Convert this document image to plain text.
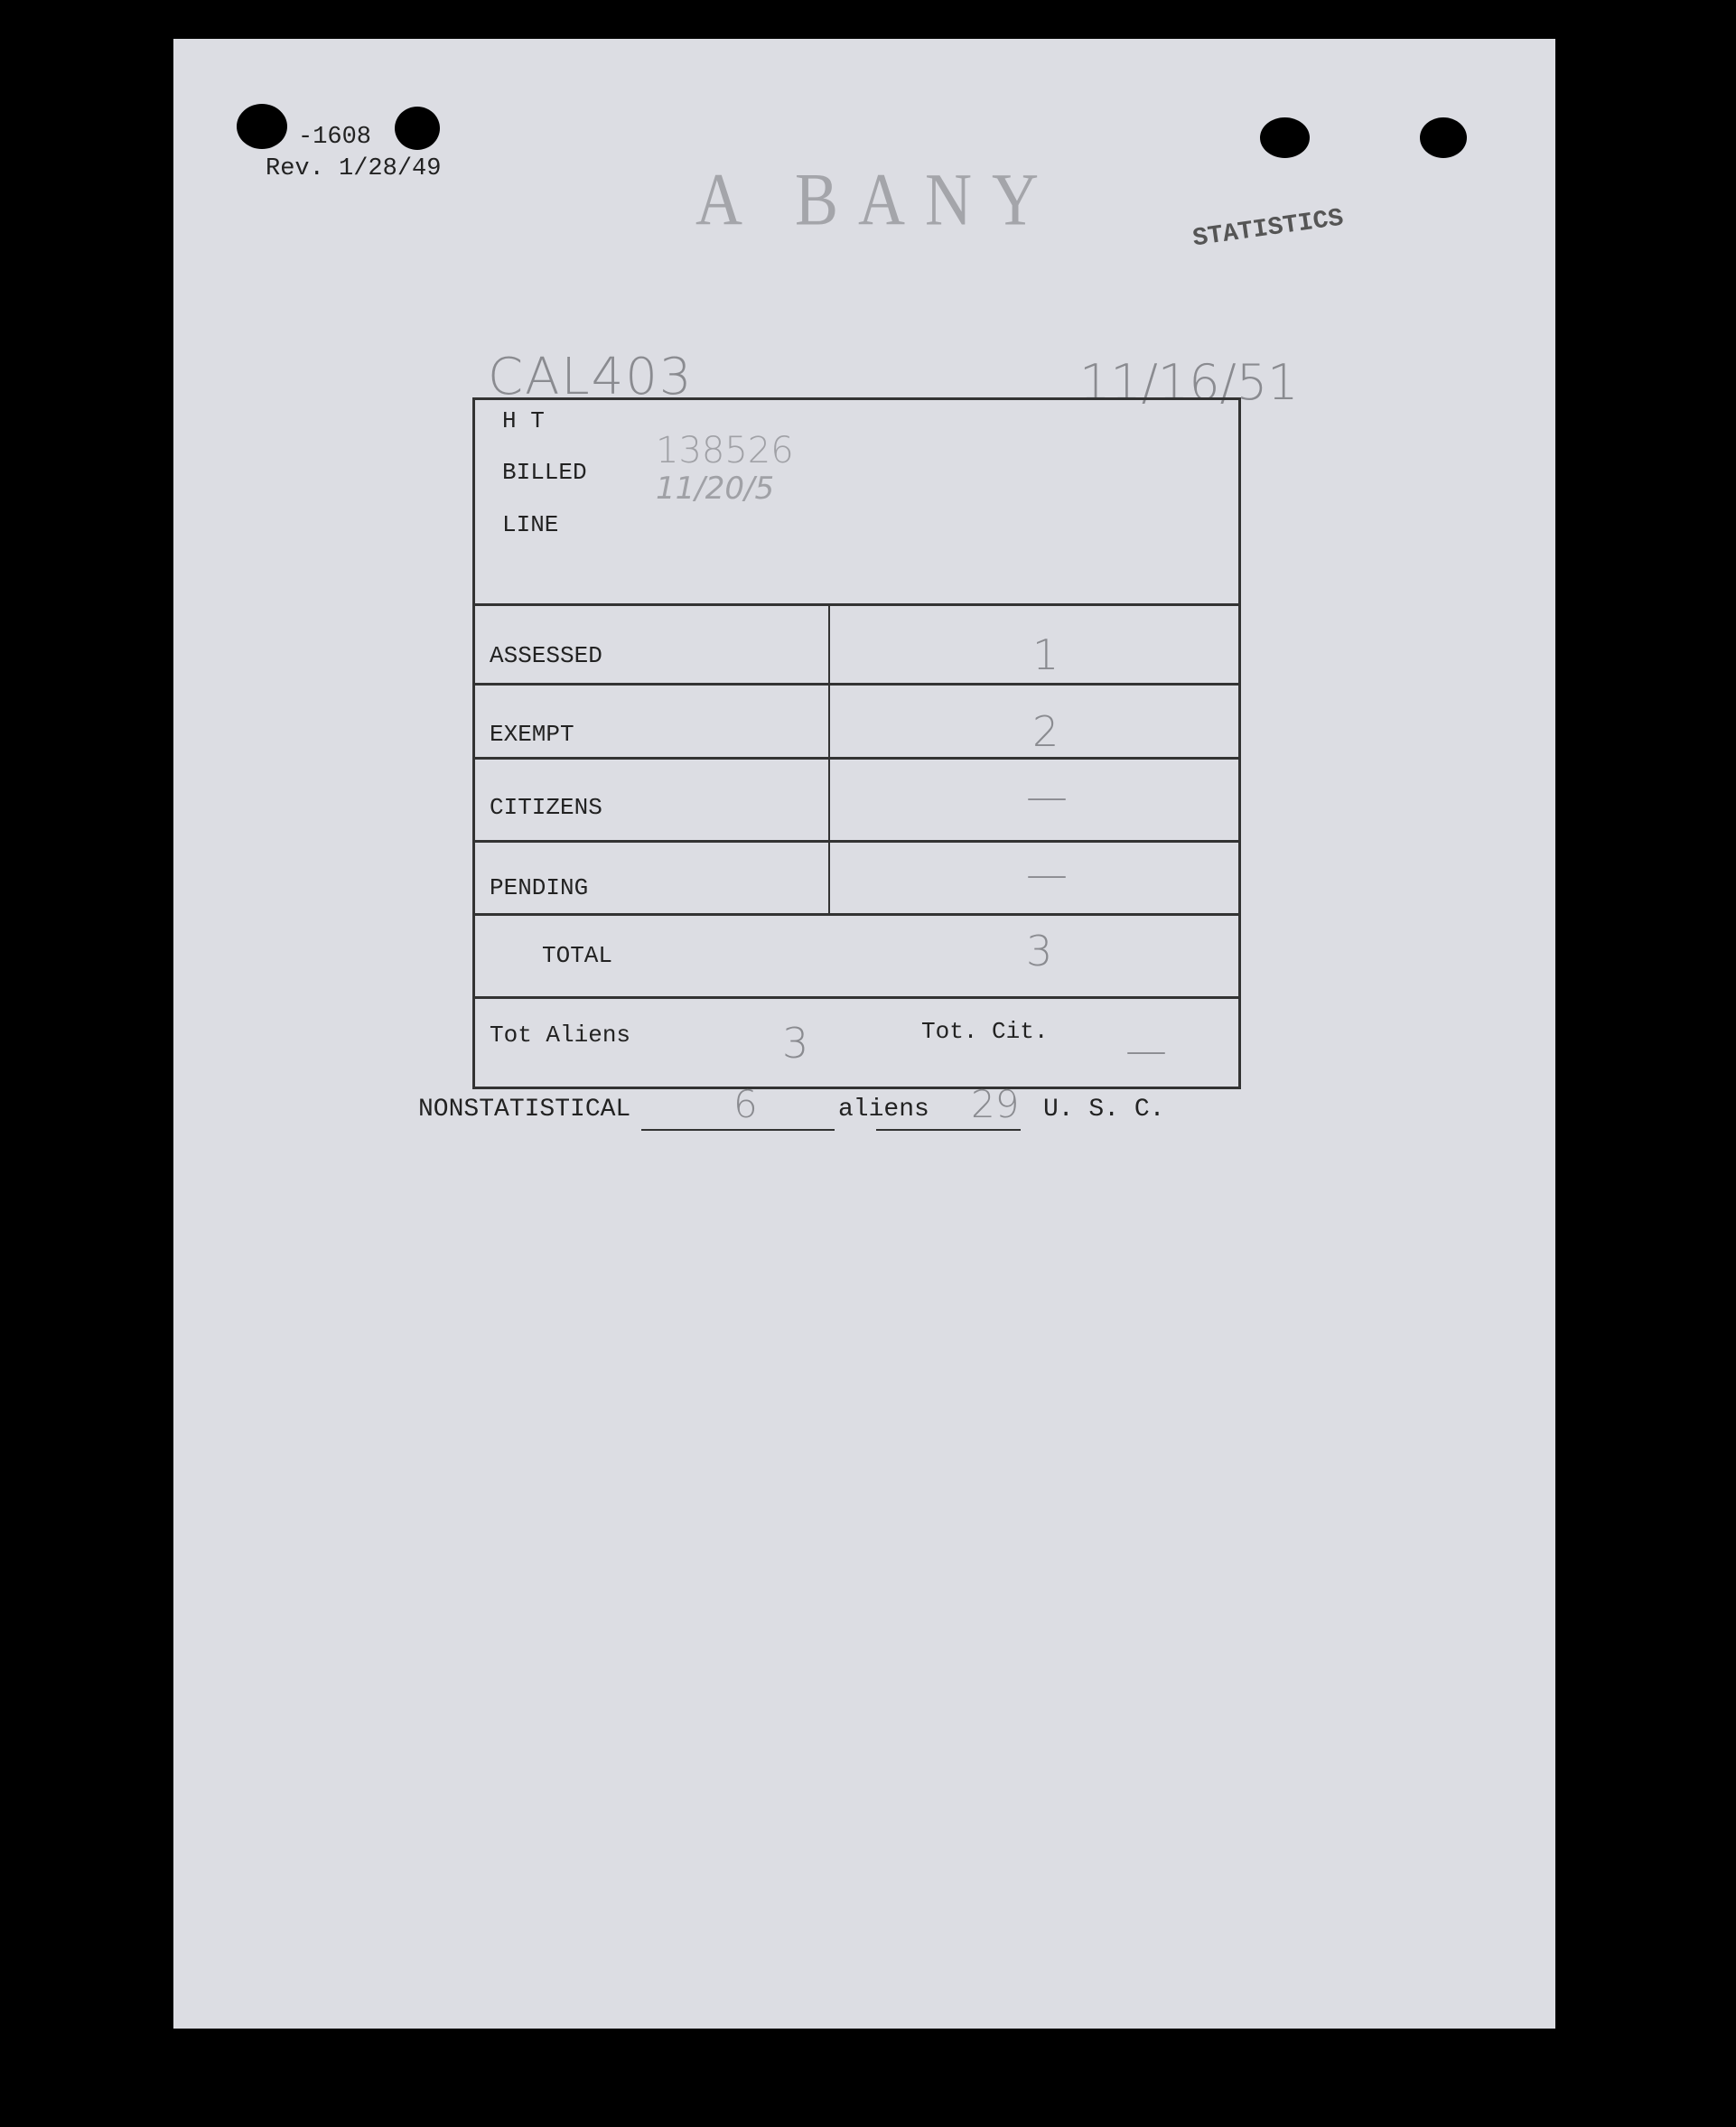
-1608
Rev. 1/28/49	A BANY	STATISTICS
CAL403	11/16/51
H T
BILLED
LINE
138526
11/20/5
ASSESSED	1
EXEMPT	2
CITIZENS	—
PENDING	—
TOTAL	3
Tot Aliens	3	Tot. Cit. —
NONSTATISTICAL	6	aliens 29 U. S. C.
